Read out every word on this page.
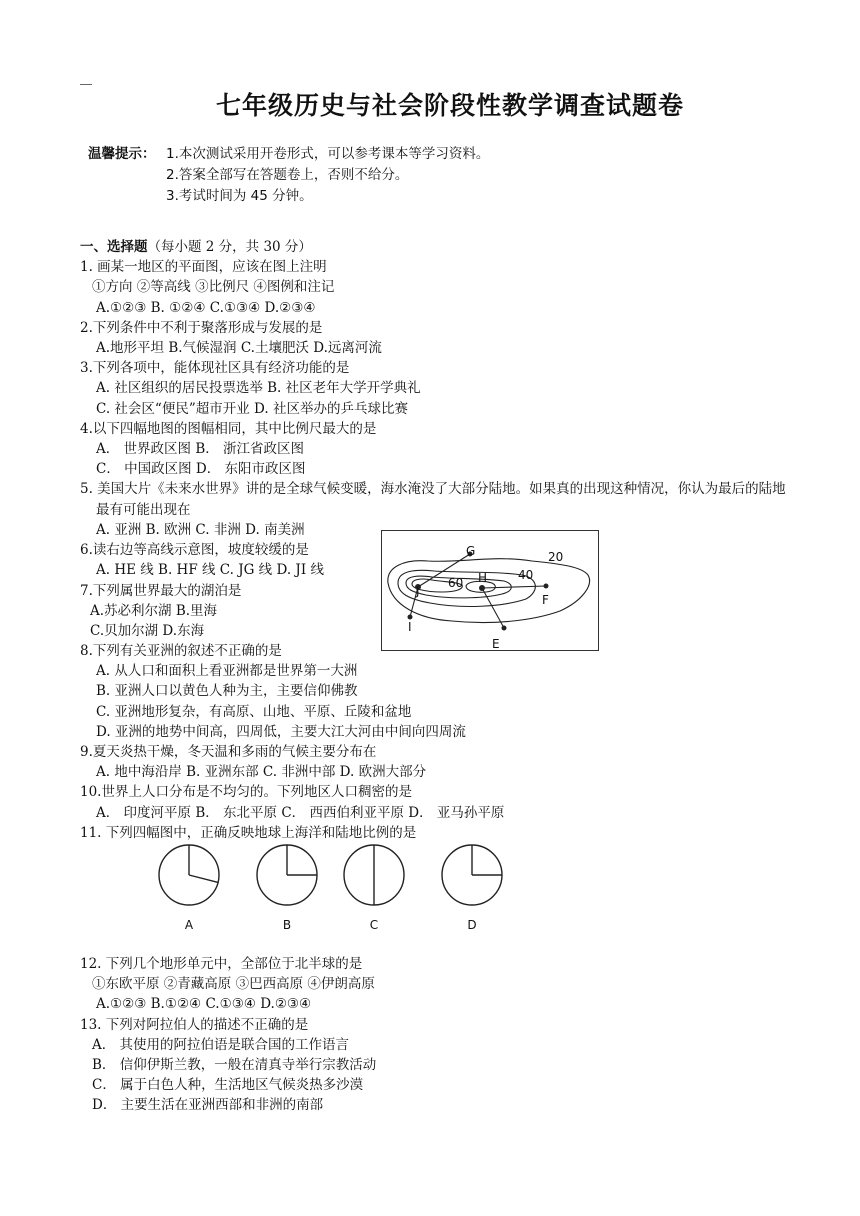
七年级历史与社会阶段性教学调查试题卷
温馨提示： 1.本次测试采用开卷形式，可以参考课本等学习资料。
2.答案全部写在答题卷上，否则不给分。
3.考试时间为 45 分钟。
一、选择题（每小题 2 分，共 30 分）
1. 画某一地区的平面图，应该在图上注明
①方向 ②等高线 ③比例尺 ④图例和注记
A.①②③ B. ①②④ C.①③④ D.②③④
2.下列条件中不利于聚落形成与发展的是
A.地形平坦 B.气候湿润 C.土壤肥沃 D.远离河流
3.下列各项中，能体现社区具有经济功能的是
A. 社区组织的居民投票选举 B. 社区老年大学开学典礼
C. 社会区“便民”超市开业 D. 社区举办的乒乓球比赛
4.以下四幅地图的图幅相同，其中比例尺最大的是
A． 世界政区图 B． 浙江省政区图
C． 中国政区图 D． 东阳市政区图
5. 美国大片《未来水世界》讲的是全球气候变暖，海水淹没了大部分陆地。如果真的出现这种情况，你认为最后的陆地最有可能出现在
A. 亚洲 B. 欧洲 C. 非洲 D. 南美洲
6.读右边等高线示意图，坡度较缓的是
A. HE 线 B. HF 线 C. JG 线 D. JI 线
7.下列属世界最大的湖泊是
A.苏必利尔湖 B.里海
C.贝加尔湖 D.东海
G	20
60 H	40
J
F
I
E
8.下列有关亚洲的叙述不正确的是
A. 从人口和面积上看亚洲都是世界第一大洲
B. 亚洲人口以黄色人种为主，主要信仰佛教
C. 亚洲地形复杂，有高原、山地、平原、丘陵和盆地
D. 亚洲的地势中间高，四周低，主要大江大河由中间向四周流
9.夏天炎热干燥，冬天温和多雨的气候主要分布在
A. 地中海沿岸 B. 亚洲东部 C. 非洲中部 D. 欧洲大部分
10.世界上人口分布是不均匀的。下列地区人口稠密的是
A． 印度河平原 B． 东北平原 C． 西西伯利亚平原 D． 亚马孙平原
11. 下列四幅图中，正确反映地球上海洋和陆地比例的是
A	B	C	D
12. 下列几个地形单元中，全部位于北半球的是
①东欧平原 ②青藏高原 ③巴西高原 ④伊朗高原
A.①②③ B.①②④ C.①③④ D.②③④
13. 下列对阿拉伯人的描述不正确的是
A． 其使用的阿拉伯语是联合国的工作语言
B． 信仰伊斯兰教，一般在清真寺举行宗教活动
C． 属于白色人种，生活地区气候炎热多沙漠
D． 主要生活在亚洲西部和非洲的南部
